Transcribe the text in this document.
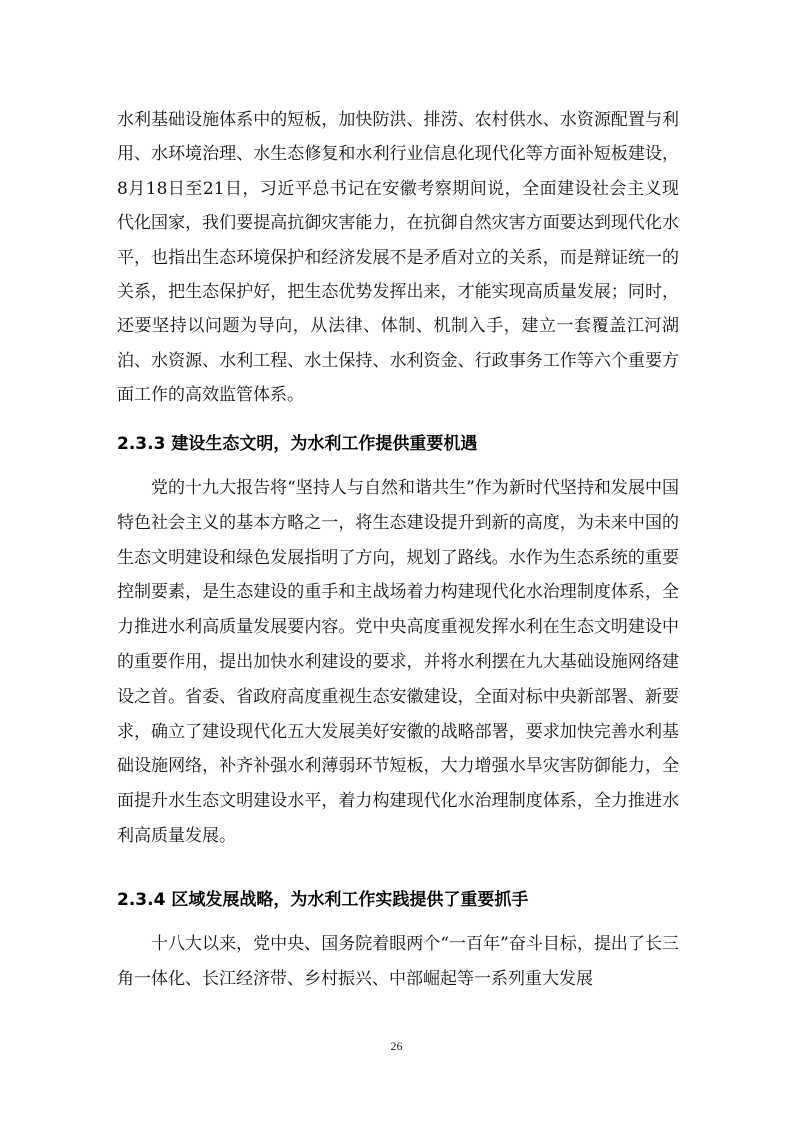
水利基础设施体系中的短板，加快防洪、排涝、农村供水、水资源配置与利用、水环境治理、水生态修复和水利行业信息化现代化等方面补短板建设，8月18日至21日，习近平总书记在安徽考察期间说，全面建设社会主义现代化国家，我们要提高抗御灾害能力，在抗御自然灾害方面要达到现代化水平，也指出生态环境保护和经济发展不是矛盾对立的关系，而是辩证统一的关系，把生态保护好，把生态优势发挥出来，才能实现高质量发展；同时，还要坚持以问题为导向，从法律、体制、机制入手，建立一套覆盖江河湖泊、水资源、水利工程、水土保持、水利资金、行政事务工作等六个重要方面工作的高效监管体系。

2.3.3 建设生态文明，为水利工作提供重要机遇

党的十九大报告将“坚持人与自然和谐共生”作为新时代坚持和发展中国特色社会主义的基本方略之一，将生态建设提升到新的高度，为未来中国的生态文明建设和绿色发展指明了方向，规划了路线。水作为生态系统的重要控制要素，是生态建设的重手和主战场着力构建现代化水治理制度体系，全力推进水利高质量发展要内容。党中央高度重视发挥水利在生态文明建设中的重要作用，提出加快水利建设的要求，并将水利摆在九大基础设施网络建设之首。省委、省政府高度重视生态安徽建设，全面对标中央新部署、新要求，确立了建设现代化五大发展美好安徽的战略部署，要求加快完善水利基础设施网络，补齐补强水利薄弱环节短板，大力增强水旱灾害防御能力，全面提升水生态文明建设水平，着力构建现代化水治理制度体系，全力推进水利高质量发展。

2.3.4 区域发展战略，为水利工作实践提供了重要抓手

十八大以来，党中央、国务院着眼两个“一百年”奋斗目标，提出了长三角一体化、长江经济带、乡村振兴、中部崛起等一系列重大发展

26
